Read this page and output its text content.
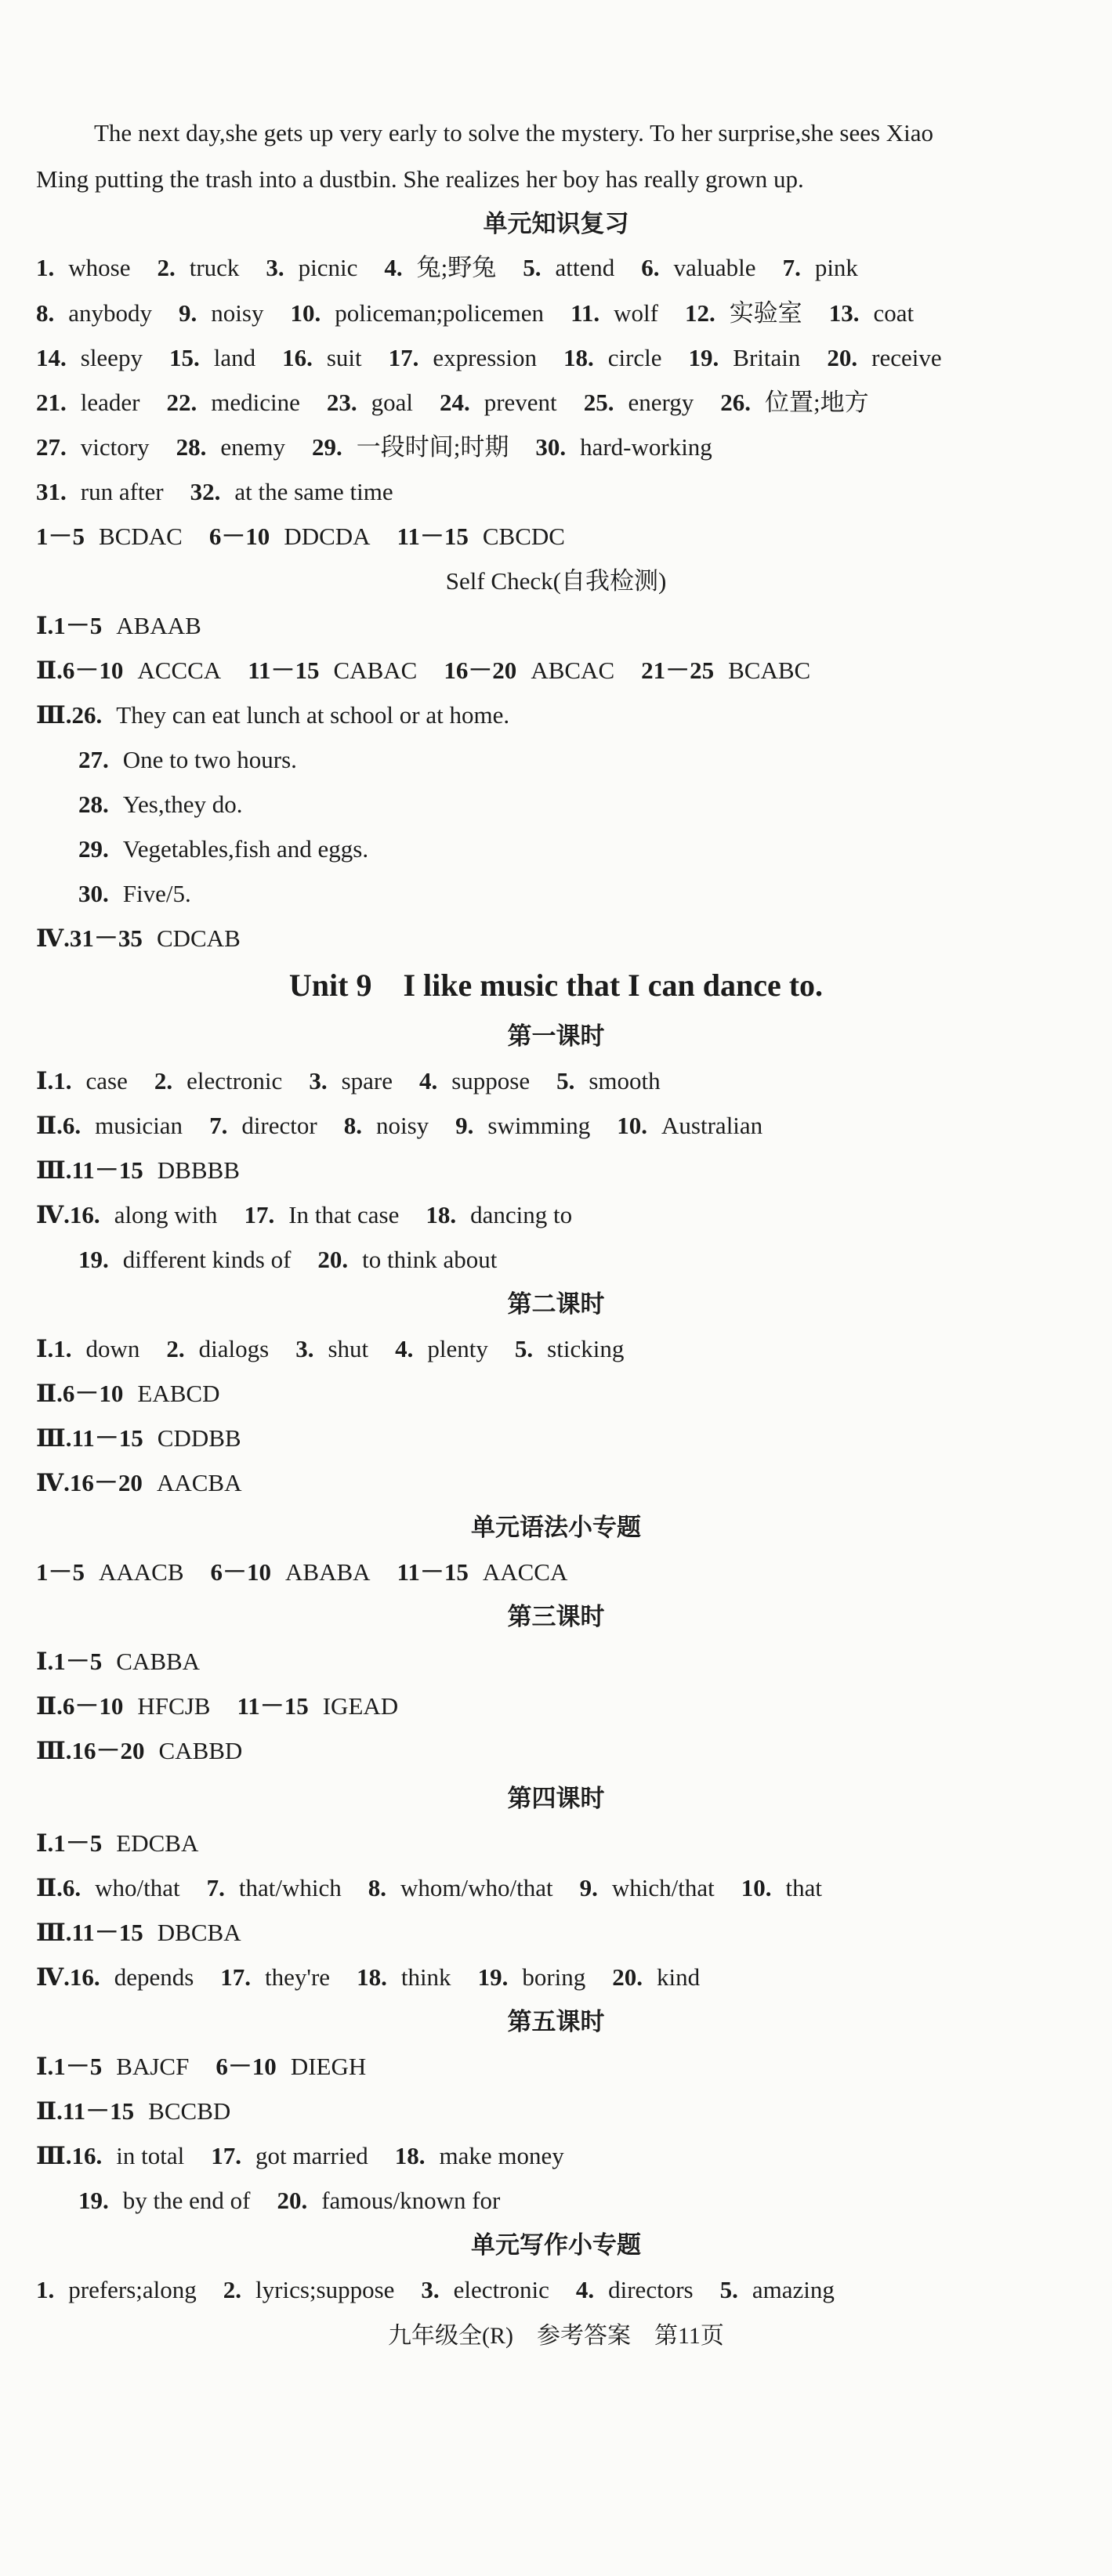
The next day,she gets up very early to solve the mystery. To her surprise,she sees Xiao
Ming putting the trash into a dustbin. She realizes her boy has really grown up.
单元知识复习
1. whose 2. truck 3. picnic 4. 兔;野兔 5. attend 6. valuable 7. pink
8. anybody 9. noisy 10. policeman;policemen 11. wolf 12. 实验室 13. coat
14. sleepy 15. land 16. suit 17. expression 18. circle 19. Britain 20. receive
21. leader 22. medicine 23. goal 24. prevent 25. energy 26. 位置;地方
27. victory 28. enemy 29. 一段时间;时期 30. hard-working
31. run after 32. at the same time
1－5 BCDAC 6－10 DDCDA 11－15 CBCDC
Self Check(自我检测)
Ⅰ.1－5 ABAAB
Ⅱ.6－10 ACCCA 11－15 CABAC 16－20 ABCAC 21－25 BCABC
Ⅲ.26. They can eat lunch at school or at home.
27. One to two hours.
28. Yes,they do.
29. Vegetables,fish and eggs.
30. Five/5.
Ⅳ.31－35 CDCAB
Unit 9　I like music that I can dance to.
第一课时
Ⅰ.1. case 2. electronic 3. spare 4. suppose 5. smooth
Ⅱ.6. musician 7. director 8. noisy 9. swimming 10. Australian
Ⅲ.11－15 DBBBB
Ⅳ.16. along with 17. In that case 18. dancing to
19. different kinds of 20. to think about
第二课时
Ⅰ.1. down 2. dialogs 3. shut 4. plenty 5. sticking
Ⅱ.6－10 EABCD
Ⅲ.11－15 CDDBB
Ⅳ.16－20 AACBA
单元语法小专题
1－5 AAACB 6－10 ABABA 11－15 AACCA
第三课时
Ⅰ.1－5 CABBA
Ⅱ.6－10 HFCJB 11－15 IGEAD
Ⅲ.16－20 CABBD
第四课时
Ⅰ.1－5 EDCBA
Ⅱ.6. who/that 7. that/which 8. whom/who/that 9. which/that 10. that
Ⅲ.11－15 DBCBA
Ⅳ.16. depends 17. they're 18. think 19. boring 20. kind
第五课时
Ⅰ.1－5 BAJCF 6－10 DIEGH
Ⅱ.11－15 BCCBD
Ⅲ.16. in total 17. got married 18. make money
19. by the end of 20. famous/known for
单元写作小专题
1. prefers;along 2. lyrics;suppose 3. electronic 4. directors 5. amazing
九年级全(R)　参考答案　第11页
